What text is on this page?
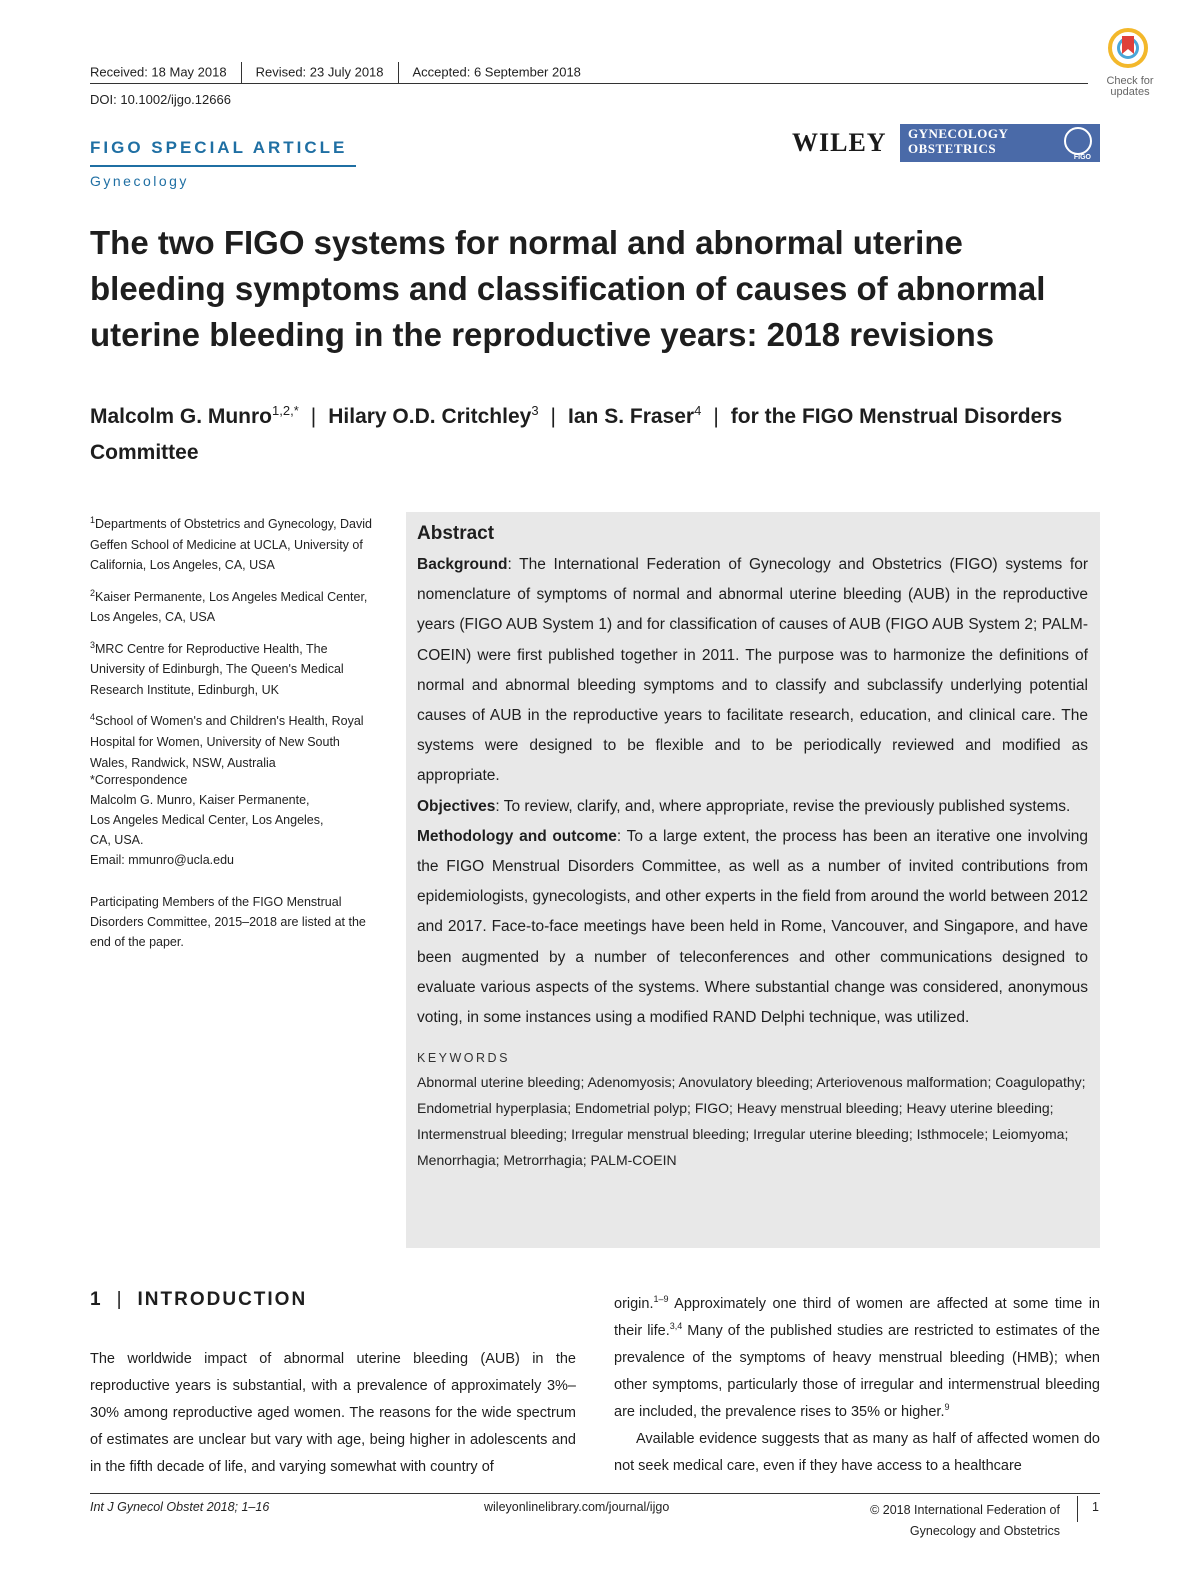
Received: 18 May 2018 Revised: 23 July 2018 Accepted: 6 September 2018
DOI: 10.1002/ijgo.12666
Check for
updates
FIGO SPECIAL ARTICLE
Gynecology
WILEY GYNECOLOGY
OBSTETRICS
FIGO
The two FIGO systems for normal and abnormal uterine bleeding symptoms and classification of causes of abnormal uterine bleeding in the reproductive years: 2018 revisions
Malcolm G. Munro$^{1,2,*}$ | Hilary O.D. Critchley$^3$ | Ian S. Fraser$^4$ | for the FIGO Menstrual Disorders Committee
$^1$Departments of Obstetrics and Gynecology, David Geffen School of Medicine at UCLA, University of California, Los Angeles, CA, USA
$^2$Kaiser Permanente, Los Angeles Medical Center, Los Angeles, CA, USA
$^3$MRC Centre for Reproductive Health, The University of Edinburgh, The Queen's Medical Research Institute, Edinburgh, UK
$^4$School of Women's and Children's Health, Royal Hospital for Women, University of New South Wales, Randwick, NSW, Australia
*Correspondence
Malcolm G. Munro, Kaiser Permanente,
Los Angeles Medical Center, Los Angeles,
CA, USA.
Email: mmunro@ucla.edu
Participating Members of the FIGO Menstrual Disorders Committee, 2015–2018 are listed at the end of the paper.
Abstract
Background: The International Federation of Gynecology and Obstetrics (FIGO) systems for nomenclature of symptoms of normal and abnormal uterine bleeding (AUB) in the reproductive years (FIGO AUB System 1) and for classification of causes of AUB (FIGO AUB System 2; PALM-COEIN) were first published together in 2011. The purpose was to harmonize the definitions of normal and abnormal bleeding symptoms and to classify and subclassify underlying potential causes of AUB in the reproductive years to facilitate research, education, and clinical care. The systems were designed to be flexible and to be periodically reviewed and modified as appropriate.
Objectives: To review, clarify, and, where appropriate, revise the previously published systems.
Methodology and outcome: To a large extent, the process has been an iterative one involving the FIGO Menstrual Disorders Committee, as well as a number of invited contributions from epidemiologists, gynecologists, and other experts in the field from around the world between 2012 and 2017. Face-to-face meetings have been held in Rome, Vancouver, and Singapore, and have been augmented by a number of teleconferences and other communications designed to evaluate various aspects of the systems. Where substantial change was considered, anonymous voting, in some instances using a modified RAND Delphi technique, was utilized.
KEYWORDS
Abnormal uterine bleeding; Adenomyosis; Anovulatory bleeding; Arteriovenous malformation; Coagulopathy; Endometrial hyperplasia; Endometrial polyp; FIGO; Heavy menstrual bleeding; Heavy uterine bleeding; Intermenstrual bleeding; Irregular menstrual bleeding; Irregular uterine bleeding; Isthmocele; Leiomyoma; Menorrhagia; Metrorrhagia; PALM-COEIN
1 | INTRODUCTION
The worldwide impact of abnormal uterine bleeding (AUB) in the reproductive years is substantial, with a prevalence of approximately 3%–30% among reproductive aged women. The reasons for the wide spectrum of estimates are unclear but vary with age, being higher in adolescents and in the fifth decade of life, and varying somewhat with country of
origin.$^{1-9}$ Approximately one third of women are affected at some time in their life.$^{3,4}$ Many of the published studies are restricted to estimates of the prevalence of the symptoms of heavy menstrual bleeding (HMB); when other symptoms, particularly those of irregular and intermenstrual bleeding are included, the prevalence rises to 35% or higher.$^9$
Available evidence suggests that as many as half of affected women do not seek medical care, even if they have access to a healthcare
Int J Gynecol Obstet 2018; 1–16	wileyonlinelibrary.com/journal/ijgo	© 2018 International Federation of
Gynecology and Obstetrics
1
